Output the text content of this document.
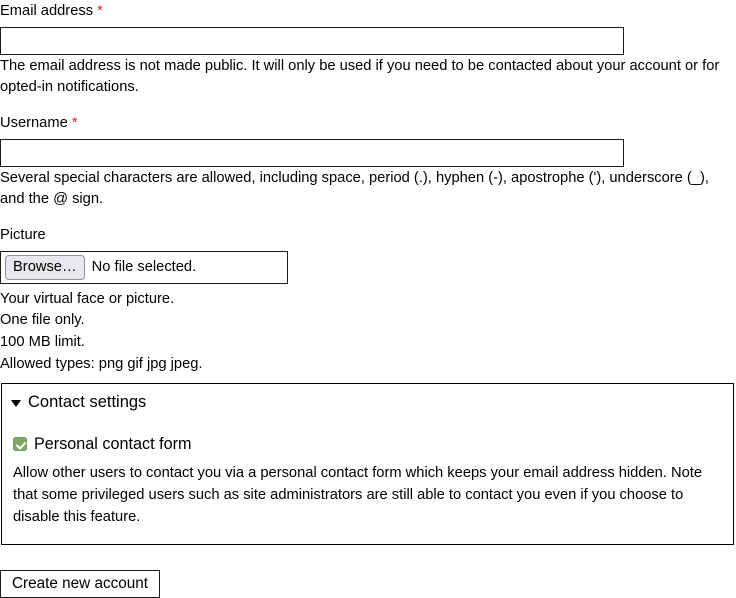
Email address *

The email address is not made public. It will only be used if you need to be contacted about your account or for opted-in notifications.

Username *

Several special characters are allowed, including space, period (.), hyphen (-), apostrophe ('), underscore (_), and the @ sign.

Picture
Browse…	No file selected.
Your virtual face or picture.
One file only.
100 MB limit.
Allowed types: png gif jpg jpeg.
Contact settings
Personal contact form

Allow other users to contact you via a personal contact form which keeps your email address hidden. Note that some privileged users such as site administrators are still able to contact you even if you choose to disable this feature.

Create new account
